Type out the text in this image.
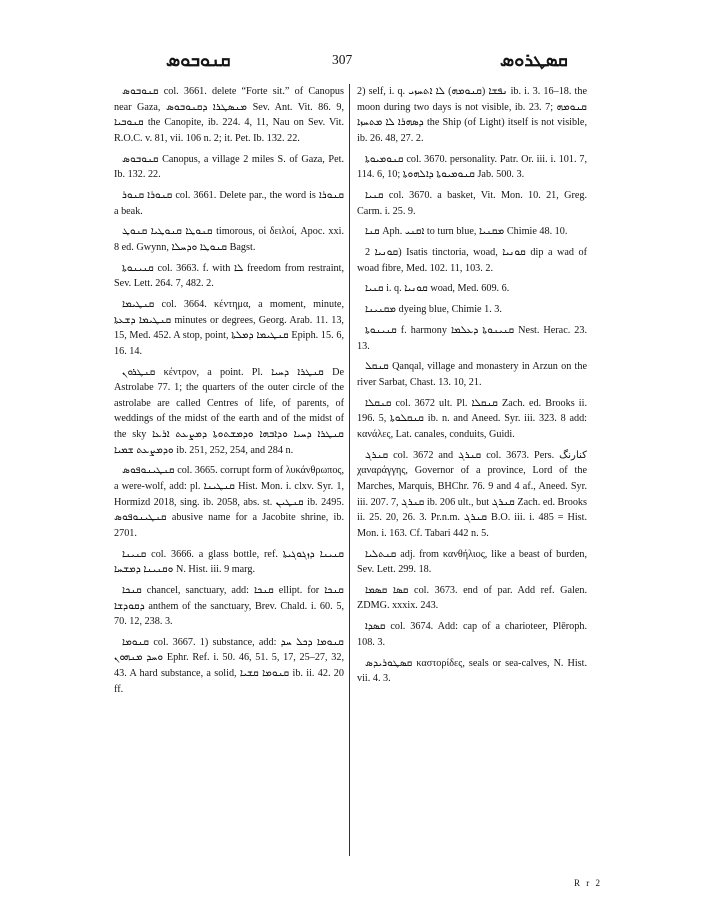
ܩܢܘܒܘܣ	307	ܩܣܛܪܘܣ

ܩܢܘܒܘܣ col. 3661. delete “Forte sit.” of Canopus near Gaza, ܡܢܣܛܪܐ ܕܩܢܘܒܘܣ Sev. Ant. Vit. 86. 9, ܩܢܘܒܝܐ the Canopite, ib. 224. 4, 11, Nau on Sev. Vit. R.O.C. v. 81, vii. 106 n. 2; it. Pet. Ib. 132. 22.

ܩܢܘܒܘܣ Canopus, a village 2 miles S. of Gaza, Pet. Ib. 132. 22.

ܩܢܘܪܐ ܩܢܘܪ col. 3661. Delete par., the word is ܩܢܘܪܐ a beak.

ܩܢܘܛܐ ܩܢܘܛܝܐ ܩܢܘܛ timorous, οἱ δειλοί, Apoc. xxi. 8 ed. Gwynn, ܩܢܘܛܐ ܘܕܚܠܐ Bagst.

ܩܢܝܢܘܬܐ col. 3663. f. with ܠܐ freedom from restraint, Sev. Lett. 264. 7, 482. 2.

ܩܢܛܝܡܐ col. 3664. κέντημα, a moment, minute, ܩܢܛܝܡܐ ܕܫܥܬܐ minutes or degrees, Georg. Arab. 11. 13, 15, Med. 452. A stop, point, ܩܢܛܝܡܐ ܕܡܠܬܐ Epiph. 15. 6, 16. 14.

ܩܢܛܪܘܢ κέντρον, a point. Pl. ܩܢܛܪܐ ܕܚܝܐ De Astrolabe 77. 1; the quarters of the outer circle of the astrolabe are called Centres of life, of parents, of weddings of the midst of the earth and of the midst of the sky ܩܢܛܪܐ ܕܚܝܐ ܘܕܐܒܗܐ ܘܕܡܫܬܘܬܐ ܕܡܨܥܬ ܐܪܥܐ ܘܕܡܨܥܬ ܫܡܝܐ ib. 251, 252, 254, and 284 n.

ܩܢܛܝܢܘܦܘܣ col. 3665. corrupt form of λυκάνθρωπος, a were-wolf, add: pl. ܩܢܛܝܢܐ Hist. Mon. i. clxv. Syr. 1, Hormizd 2018, sing. ib. 2058, abs. st. ܩܢܛܝܢ ib. 2495. ܩܢܛܝܢܘܦܘܣ abusive name for a Jacobite shrine, ib. 2701.

ܩܢܝܢܐ col. 3666. a glass bottle, ref. ܩܢܝܢܐ ܕܙܓܘܓܝܬܐ ܘܩܢܝܢܐ ܕܡܫܚܐ N. Hist. iii. 9 marg.

ܩܢܟܐ chancel, sanctuary, add: ܩܢܟܐ ellipt. for ܩܢܟܐ ܕܩܘܕܫܐ anthem of the sanctuary, Brev. Chald. i. 60. 5, 70. 12, 238. 3.

ܩܢܘܡܐ col. 3667. 1) substance, add: ܩܢܘܡܐ ܕܟܠ ܚܕ ܘܚܕ ܡܢܗܘܢ Ephr. Ref. i. 50. 46, 51. 5, 17, 25–27, 32, 43. A hard substance, a solid, ܩܢܘܡܐ ܩܫܝܐ ib. ii. 42. 20 ff.

2) self, i. q. ܢܦܫܐ (ܩܢܘܡܗ) ܠܐ ܐܬܚܙܝ ib. i. 3. 16–18. the moon during two days is not visible, ib. 23. 7; ܩܢܘܡܗ ܕܣܗܪܐ ܠܐ ܡܬܚܙܐ the Ship (of Light) itself is not visible, ib. 26. 48, 27. 2.

ܩܢܘܡܝܘܬܐ col. 3670. personality. Patr. Or. iii. i. 101. 7, 114. 6, 10; ܩܢܘܡܝܘܬܐ ܕܐܠܗܘܬܐ Jab. 500. 3.

ܩܢܝܐ col. 3670. a basket, Vit. Mon. 10. 21, Greg. Carm. i. 25. 9.

ܩܢܐ Aph. ܐܩܢܝ to turn blue, ܡܩܢܝܐ Chimie 48. 10.

ܩܘܢܝܐ 2) Isatis tinctoria, woad, ܩܘܢܝܐ dip a wad of woad fibre, Med. 102. 11, 103. 2.

ܩܢܝܐ i. q. ܩܘܢܝܐ woad, Med. 609. 6.

ܡܩܢܝܢܐ dyeing blue, Chimie 1. 3.

ܩܢܝܢܘܬܐ f. harmony ܩܢܝܢܘܬܐ ܕܥܠܡܐ Nest. Herac. 23. 13.

ܩܢܩܠ Qanqal, village and monastery in Arzun on the river Sarbat, Chast. 13. 10, 21.

ܩܢܩܠܐ col. 3672 ult. Pl. ܩܢܩܠܐ Zach. ed. Brooks ii. 196. 5, ܩܢܩܠܘܬܐ ib. n. and Aneed. Syr. iii. 323. 8 add: κανάλες, Lat. canales, conduits, Guidi.

ܩܢܪܓ col. 3672 and ܩܢܪܓ col. 3673. Pers. کنارنگ χαναράγγης, Governor of a province, Lord of the Marches, Marquis, BHChr. 76. 9 and 4 af., Aneed. Syr. iii. 207. 7, ܩܢܪܓ ib. 206 ult., but ܩܢܪܓ Zach. ed. Brooks ii. 25. 20, 26. 3. Pr.n.m. ܩܢܪܓ B.O. iii. i. 485 = Hist. Mon. i. 163. Cf. Tabari 442 n. 5.

ܩܢܬܠܝܐ adj. from κανθήλιος, like a beast of burden, Sev. Lett. 299. 18.

ܩܣܐ ܩܣܡܐ col. 3673. end of par. Add ref. Galen. ZDMG. xxxix. 243.

ܩܣܕܐ col. 3674. Add: cap of a charioteer, Plēroph. 108. 3.

ܩܣܛܘܪܝܕܣ καστορίδες, seals or sea-calves, N. Hist. vii. 4. 3.

R r 2
